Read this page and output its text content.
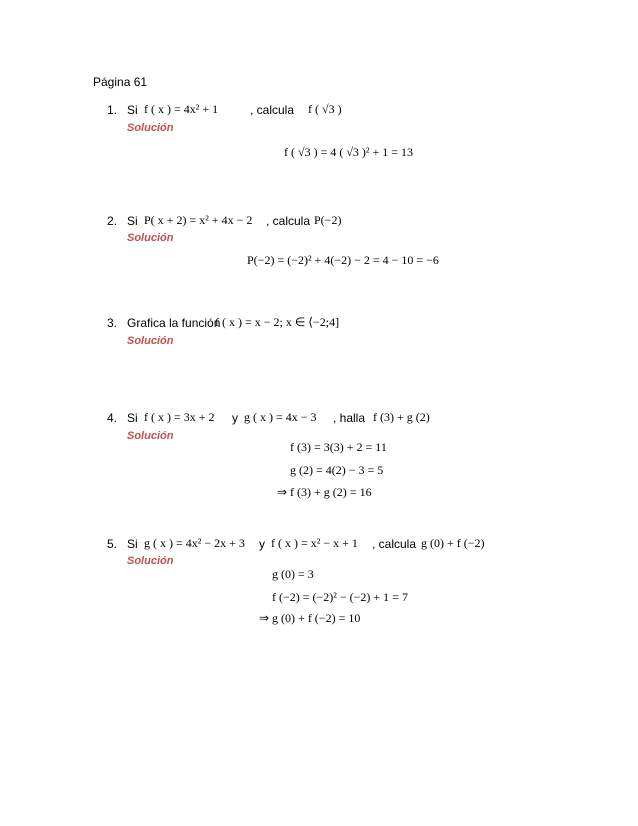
Página 61
1. Si f ( x ) = 4x² + 1	, calcula f ( √3 )
Solución
f ( √3 ) = 4 ( √3 )² + 1 = 13
2. Si P( x + 2) = x² + 4x − 2 , calcula P(−2)
Solución
P(−2) = (−2)² + 4(−2) − 2 = 4 − 10 = −6
3. Grafica la función
f ( x ) = x − 2; x ∈ ⟨−2;4]
Solución
4. Si f ( x ) = 3x + 2 y g ( x ) = 4x − 3 , halla f (3) + g (2)
Solución
f (3) = 3(3) + 2 = 11
g (2) = 4(2) − 3 = 5
⇒ f (3) + g (2) = 16
5. Si g ( x ) = 4x² − 2x + 3 y f ( x ) = x² − x + 1 , calcula g (0) + f (−2)
Solución
g (0) = 3
f (−2) = (−2)² − (−2) + 1 = 7
⇒ g (0) + f (−2) = 10
